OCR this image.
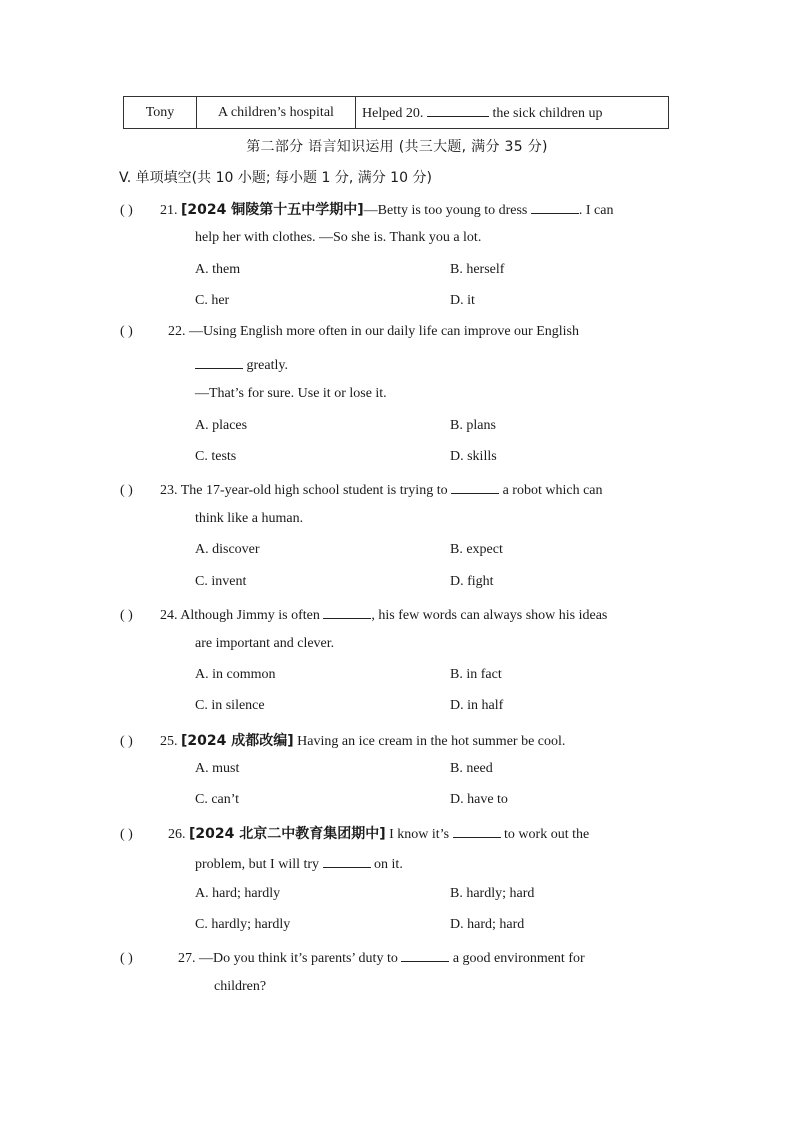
Tony	A children’s hospital	Helped 20.	the sick children up
第二部分 语言知识运用 (共三大题, 满分 35 分)
V. 单项填空(共 10 小题; 每小题 1 分, 满分 10 分)
( ) 21. [2024 铜陵第十五中学期中]—Betty is too young to dress	. I can
help her with clothes. —So she is. Thank you a lot.
A. them	B. herself
C. her	D. it
( )	22. —Using English more often in our daily life can improve our English
greatly.
—That’s for sure. Use it or lose it.
A. places	B. plans
C. tests	D. skills
( ) 23. The 17-year-old high school student is trying to	a robot which can
think like a human.
A. discover	B. expect
C. invent	D. fight
( ) 24. Although Jimmy is often	, his few words can always show his ideas
are important and clever.
A. in common	B. in fact
C. in silence	D. in half
( ) 25. [2024 成都改编] Having an ice cream in the hot summer be cool.
A. must	B. need
C. can’t	D. have to
( )	26. [2024 北京二中教育集团期中] I know it’s	to work out the
problem, but I will try	on it.
A. hard; hardly	B. hardly; hard
C. hardly; hardly	D. hard; hard
( )	27. —Do you think it’s parents’ duty to	a good environment for
children?
